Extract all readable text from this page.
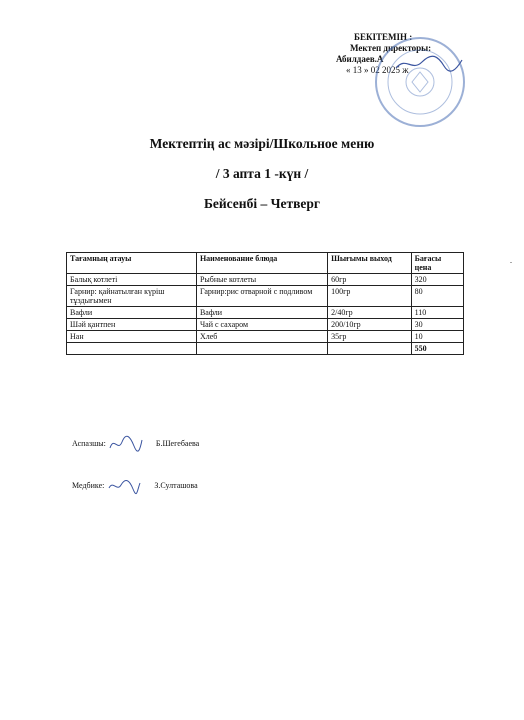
БЕКІТЕМІН :
Мектеп директоры:
Абилдаев.А
« 13 » 02 2025 ж
Мектептің ас мәзірі/Школьное меню
/ 3 апта 1 -күн /
Бейсенбі – Четверг
Тағамның атауы	Наименование блюда	Шығымы выход	Бағасы цена
Балық котлеті	Рыбные котлеты	60гр	320
Гарнир: қайнатылған күріш тұздығымен	Гарнир:рис отварной с подливом	100гр	80
Вафли	Вафли	2/40гр	110
Шәй қантпен	Чай с сахаром	200/10гр	30
Нан	Хлеб	35гр	10
			550
.
Аспазшы:	Б.Шегебаева
Медбике:	З.Султашова
